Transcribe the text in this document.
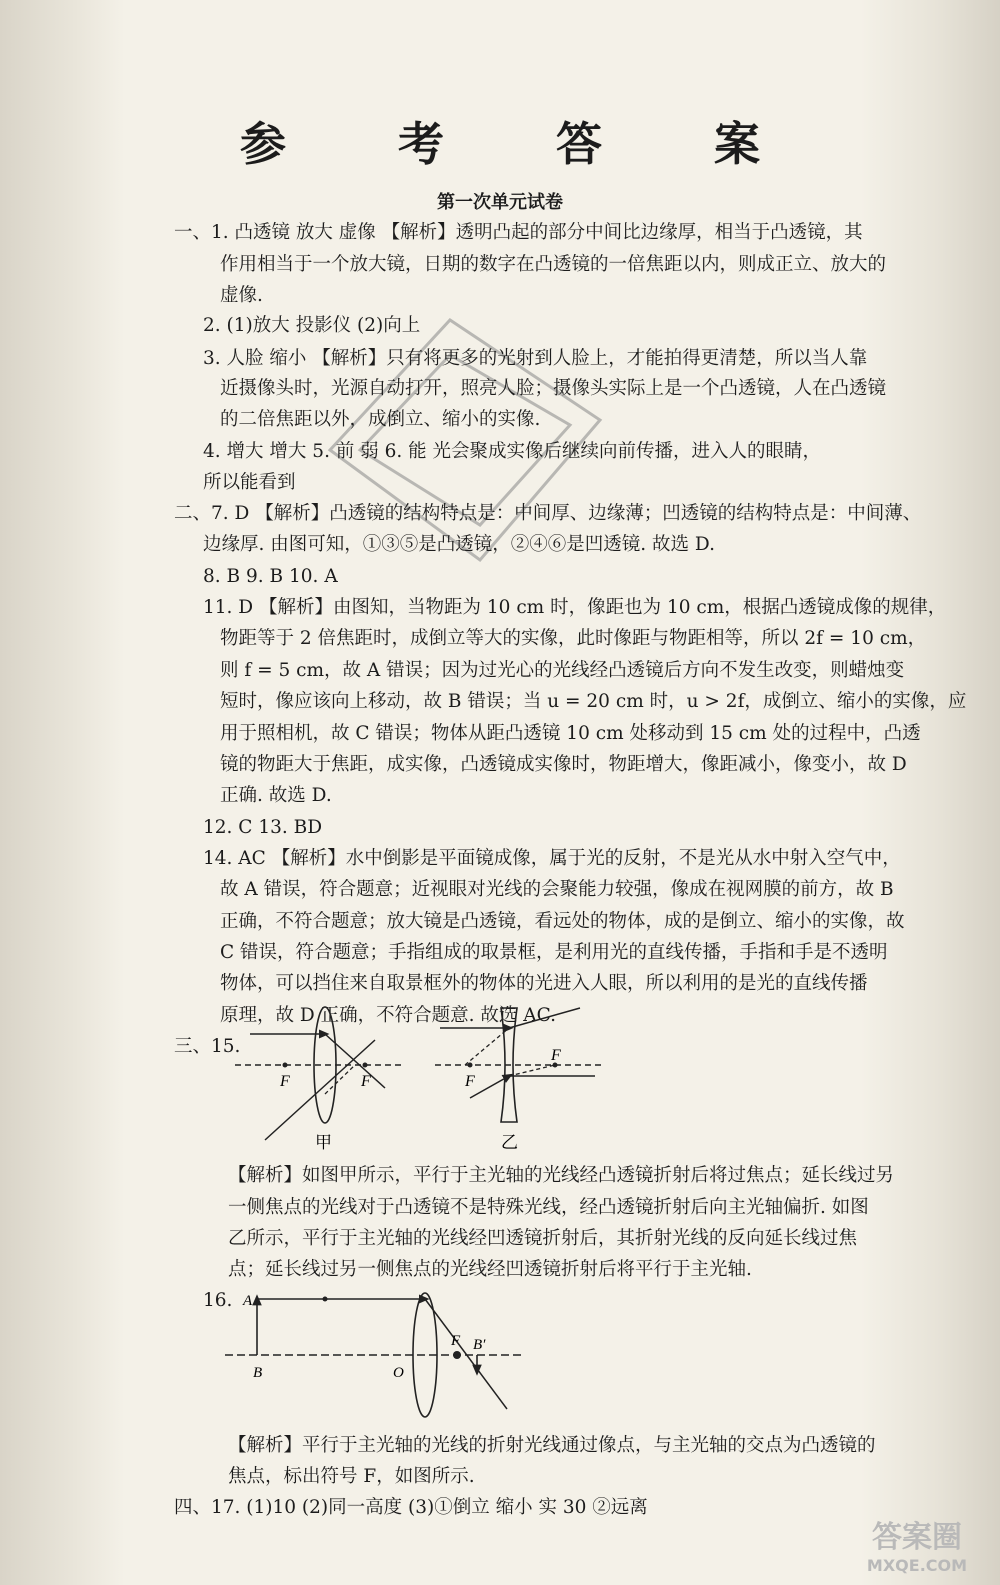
参 考 答 案
第一次单元试卷
一、1. 凸透镜 放大 虚像 【解析】透明凸起的部分中间比边缘厚，相当于凸透镜，其
作用相当于一个放大镜，日期的数字在凸透镜的一倍焦距以内，则成正立、放大的
虚像.
2. (1)放大 投影仪 (2)向上
3. 人脸 缩小 【解析】只有将更多的光射到人脸上，才能拍得更清楚，所以当人靠
近摄像头时，光源自动打开，照亮人脸；摄像头实际上是一个凸透镜，人在凸透镜
的二倍焦距以外，成倒立、缩小的实像.
4. 增大 增大 5. 前 弱 6. 能 光会聚成实像后继续向前传播，进入人的眼睛，
所以能看到
二、7. D 【解析】凸透镜的结构特点是：中间厚、边缘薄；凹透镜的结构特点是：中间薄、
边缘厚. 由图可知，①③⑤是凸透镜，②④⑥是凹透镜. 故选 D.
8. B 9. B 10. A
11. D 【解析】由图知，当物距为 10 cm 时，像距也为 10 cm，根据凸透镜成像的规律，
物距等于 2 倍焦距时，成倒立等大的实像，此时像距与物距相等，所以 2f = 10 cm，
则 f = 5 cm，故 A 错误；因为过光心的光线经凸透镜后方向不发生改变，则蜡烛变
短时，像应该向上移动，故 B 错误；当 u = 20 cm 时，u > 2f，成倒立、缩小的实像，应
用于照相机，故 C 错误；物体从距凸透镜 10 cm 处移动到 15 cm 处的过程中，凸透
镜的物距大于焦距，成实像，凸透镜成实像时，物距增大，像距减小，像变小，故 D
正确. 故选 D.
12. C 13. BD
14. AC 【解析】水中倒影是平面镜成像，属于光的反射，不是光从水中射入空气中，
故 A 错误，符合题意；近视眼对光线的会聚能力较强，像成在视网膜的前方，故 B
正确，不符合题意；放大镜是凸透镜，看远处的物体，成的是倒立、缩小的实像，故
C 错误，符合题意；手指组成的取景框，是利用光的直线传播，手指和手是不透明
物体，可以挡住来自取景框外的物体的光进入人眼，所以利用的是光的直线传播
原理，故 D 正确，不符合题意. 故选 AC.
三、15.
F	F	F
F
甲	乙
【解析】如图甲所示，平行于主光轴的光线经凸透镜折射后将过焦点；延长线过另
一侧焦点的光线对于凸透镜不是特殊光线，经凸透镜折射后向主光轴偏折. 如图
乙所示，平行于主光轴的光线经凹透镜折射后，其折射光线的反向延长线过焦
点；延长线过另一侧焦点的光线经凹透镜折射后将平行于主光轴.
16. A
B	O
F B′
【解析】平行于主光轴的光线的折射光线通过像点，与主光轴的交点为凸透镜的
焦点，标出符号 F，如图所示.
四、17. (1)10 (2)同一高度 (3)①倒立 缩小 实 30 ②远离
答案圈
MXQE.COM
